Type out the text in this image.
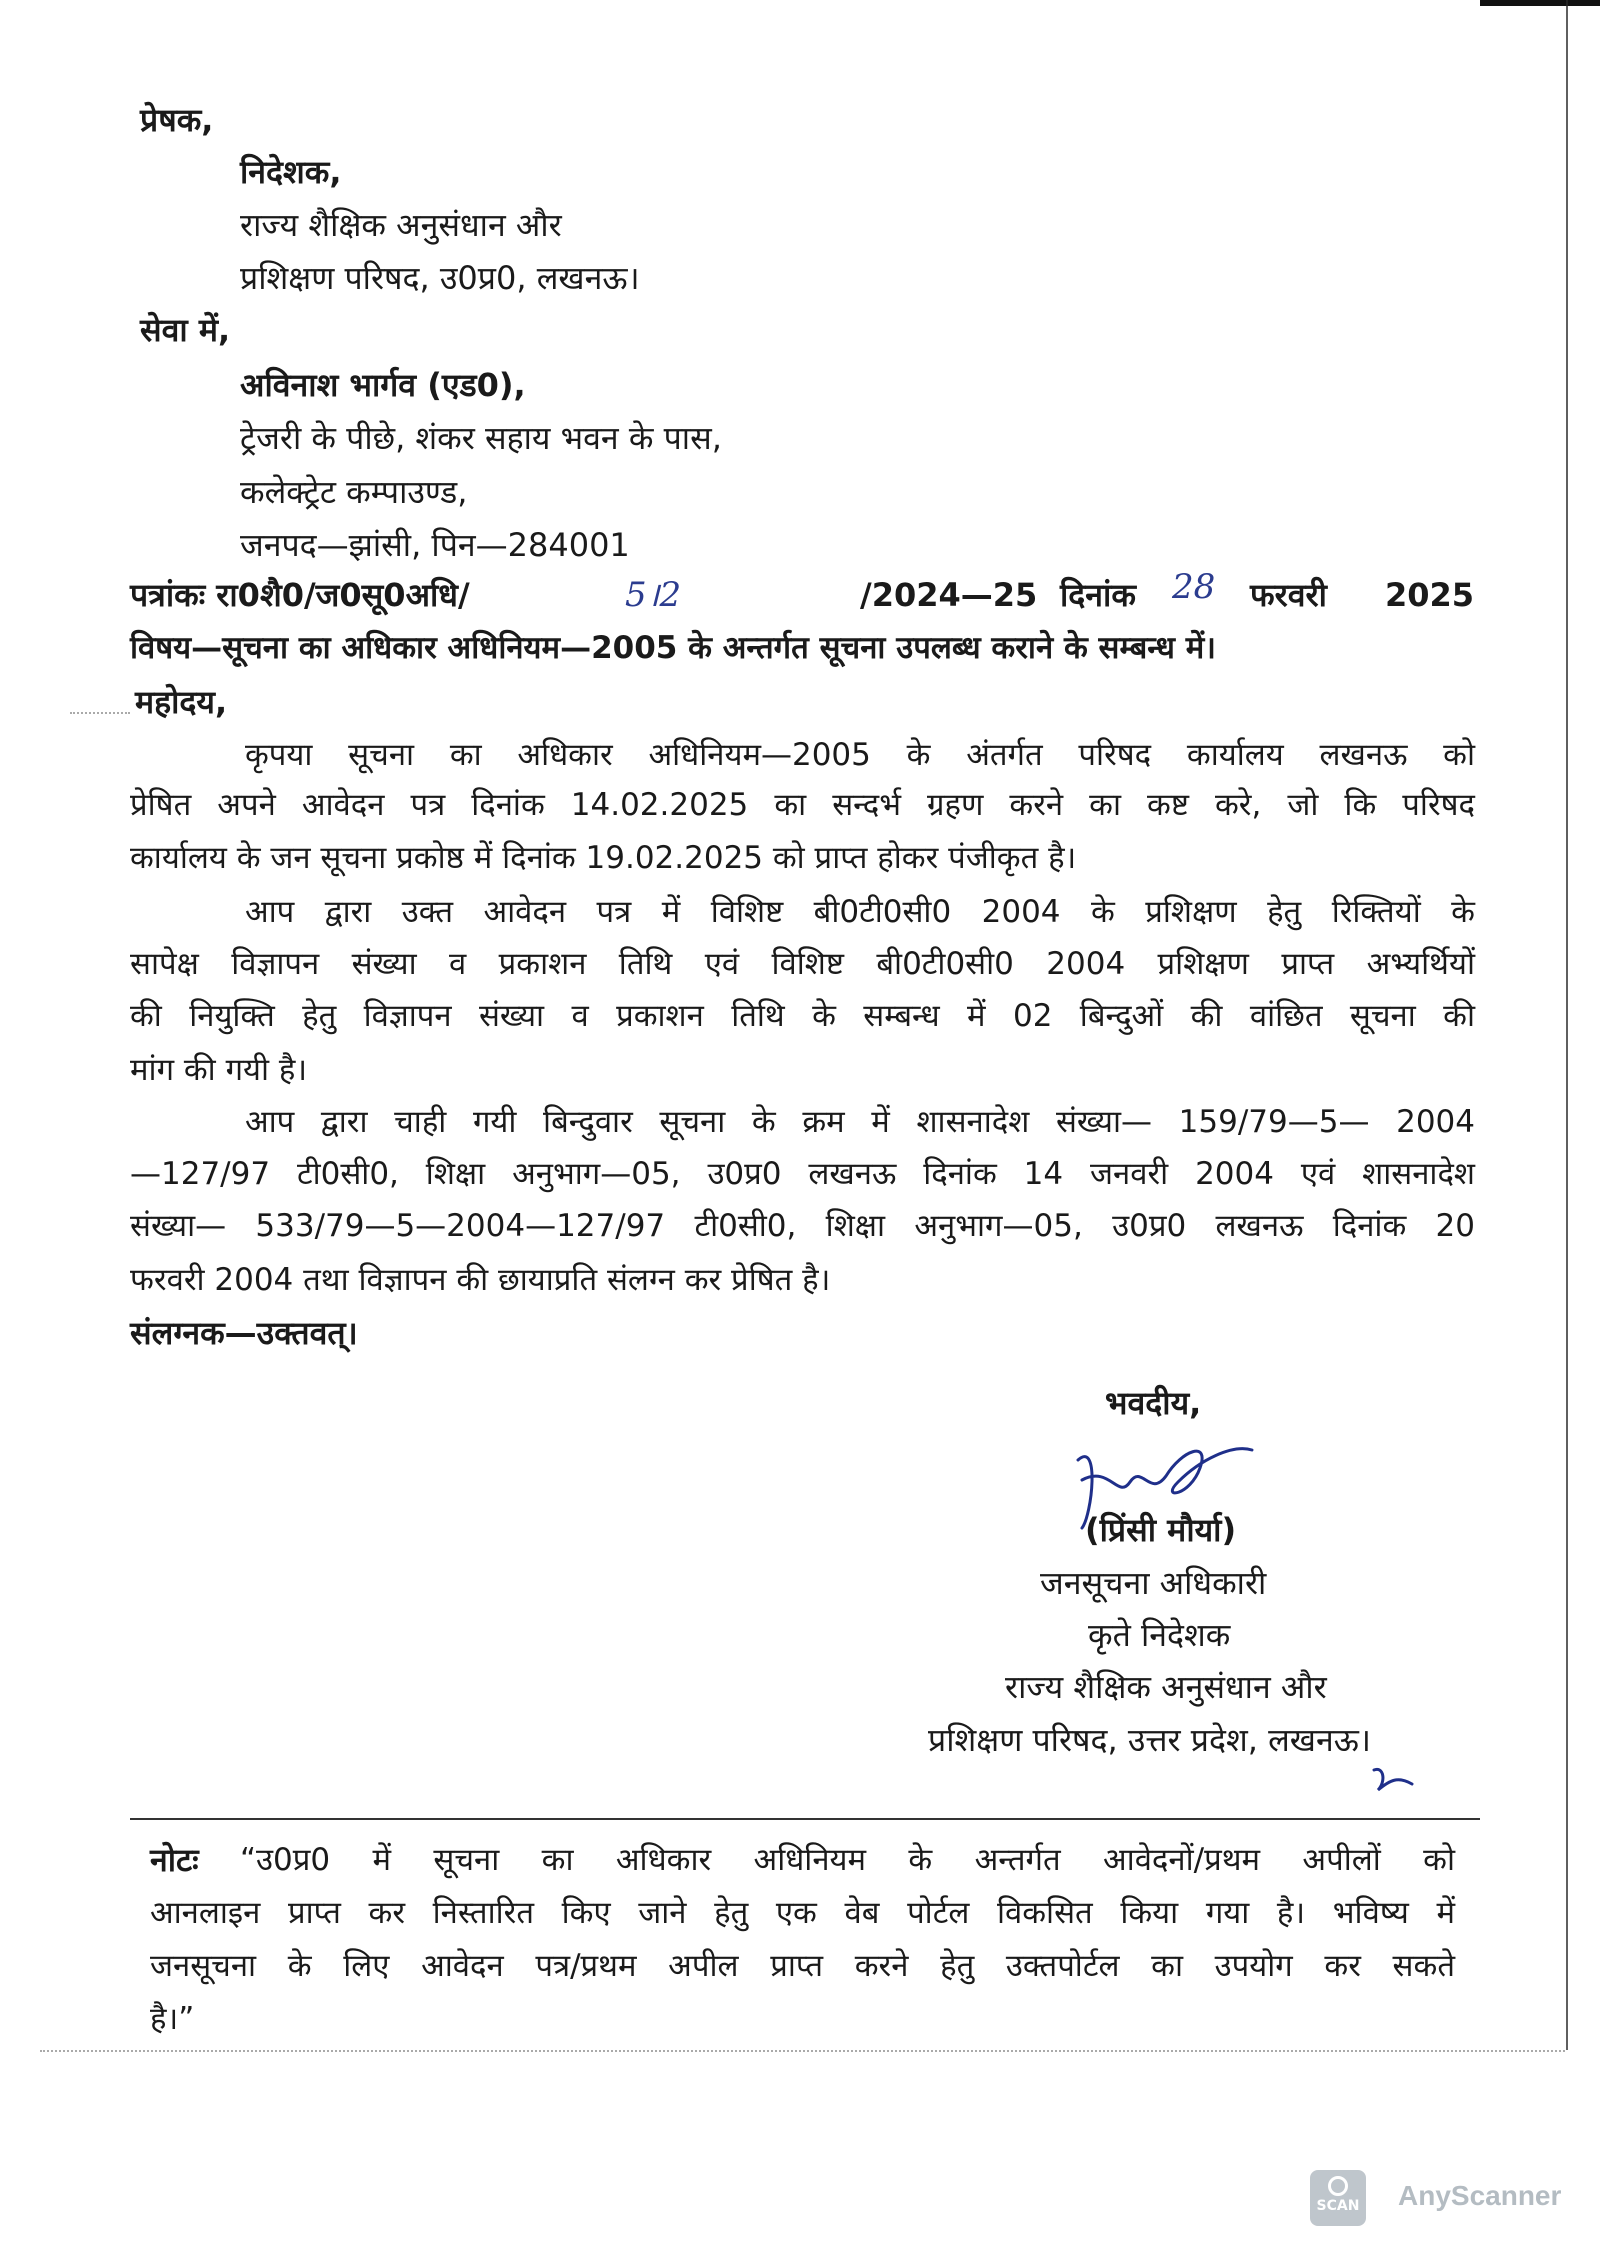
प्रेषक,
निदेशक,
राज्य शैक्षिक अनुसंधान और
प्रशिक्षण परिषद, उ0प्र0, लखनऊ।
सेवा में,
अविनाश भार्गव (एड0),
ट्रेजरी के पीछे, शंकर सहाय भवन के पास,
कलेक्ट्रेट कम्पाउण्ड,
जनपद—झांसी, पिन—284001
पत्रांकः रा0शै0/ज0सू0अधि/	5।2	/2024—25 दिनांक 28 फरवरी 2025
विषय—सूचना का अधिकार अधिनियम—2005 के अन्तर्गत सूचना उपलब्ध कराने के सम्बन्ध में।
महोदय,
कृपया सूचना का अधिकार अधिनियम—2005 के अंतर्गत परिषद कार्यालय लखनऊ को
प्रेषित अपने आवेदन पत्र दिनांक 14.02.2025 का सन्दर्भ ग्रहण करने का कष्ट करे, जो कि परिषद
कार्यालय के जन सूचना प्रकोष्ठ में दिनांक 19.02.2025 को प्राप्त होकर पंजीकृत है।
आप द्वारा उक्त आवेदन पत्र में विशिष्ट बी0टी0सी0 2004 के प्रशिक्षण हेतु रिक्तियों के
सापेक्ष विज्ञापन संख्या व प्रकाशन तिथि एवं विशिष्ट बी0टी0सी0 2004 प्रशिक्षण प्राप्त अभ्यर्थियों
की नियुक्ति हेतु विज्ञापन संख्या व प्रकाशन तिथि के सम्बन्ध में 02 बिन्दुओं की वांछित सूचना की
मांग की गयी है।
आप द्वारा चाही गयी बिन्दुवार सूचना के क्रम में शासनादेश संख्या— 159/79—5— 2004
—127/97 टी0सी0, शिक्षा अनुभाग—05, उ0प्र0 लखनऊ दिनांक 14 जनवरी 2004 एवं शासनादेश
संख्या— 533/79—5—2004—127/97 टी0सी0, शिक्षा अनुभाग—05, उ0प्र0 लखनऊ दिनांक 20
फरवरी 2004 तथा विज्ञापन की छायाप्रति संलग्न कर प्रेषित है।
संलग्नक—उक्तवत्।
भवदीय,
(प्रिंसी मौर्या)
जनसूचना अधिकारी
कृते निदेशक
राज्य शैक्षिक अनुसंधान और
प्रशिक्षण परिषद, उत्तर प्रदेश, लखनऊ।
नोटः “उ0प्र0 में सूचना का अधिकार अधिनियम के अन्तर्गत आवेदनों/प्रथम अपीलों को
आनलाइन प्राप्त कर निस्तारित किए जाने हेतु एक वेब पोर्टल विकसित किया गया है। भविष्य में
जनसूचना के लिए आवेदन पत्र/प्रथम अपील प्राप्त करने हेतु उक्तपोर्टल का उपयोग कर सकते
है।”
SCAN AnyScanner
